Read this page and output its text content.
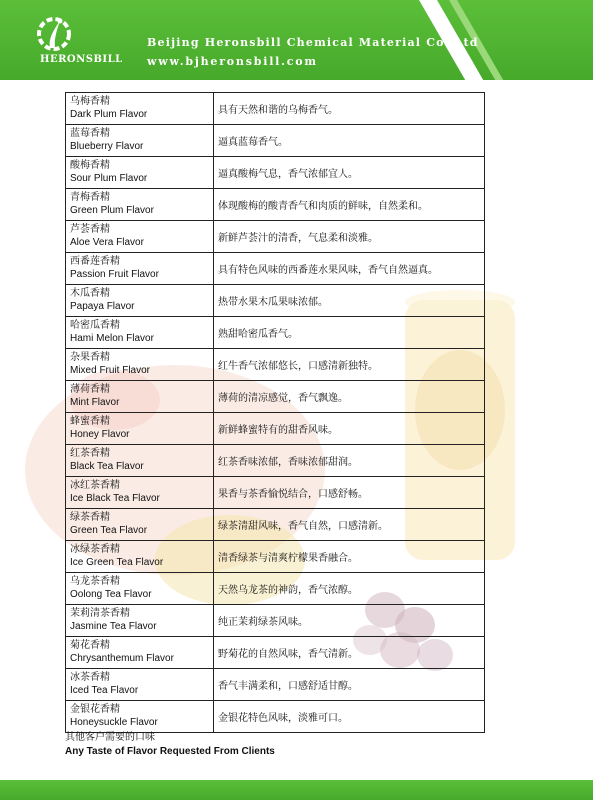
HERONSBILL
Beijing Heronsbill Chemical Material Co.,Ltd
www.bjheronsbill.com
乌梅香精
Dark Plum Flavor	具有天然和谐的乌梅香气。

蓝莓香精
Blueberry Flavor	逼真蓝莓香气。

酸梅香精
Sour Plum Flavor	逼真酸梅气息，香气浓郁宜人。

青梅香精
Green Plum Flavor	体现酸梅的酸青香气和肉质的鲜味，自然柔和。

芦荟香精
Aloe Vera Flavor	新鲜芦荟汁的清香，气息柔和淡雅。

西番莲香精
Passion Fruit Flavor	具有特色风味的西番莲水果风味，香气自然逼真。

木瓜香精
Papaya Flavor	热带水果木瓜果味浓郁。

哈密瓜香精
Hami Melon Flavor	熟甜哈密瓜香气。

杂果香精
Mixed Fruit Flavor	红牛香气浓郁悠长，口感清新独特。

薄荷香精
Mint Flavor	薄荷的清凉感觉，香气飘逸。

蜂蜜香精
Honey Flavor	新鲜蜂蜜特有的甜香风味。

红茶香精
Black Tea Flavor	红茶香味浓郁，香味浓郁甜润。

冰红茶香精
Ice Black Tea Flavor	果香与茶香愉悦结合，口感舒畅。

绿茶香精
Green Tea Flavor	绿茶清甜风味，香气自然，口感清新。

冰绿茶香精
Ice Green Tea Flavor	清香绿茶与清爽柠檬果香融合。

乌龙茶香精
Oolong Tea Flavor	天然乌龙茶的神韵，香气浓醇。

茉莉清茶香精
Jasmine Tea Flavor	纯正茉莉绿茶风味。

菊花香精
Chrysanthemum Flavor	野菊花的自然风味，香气清新。

冰茶香精
Iced Tea Flavor	香气丰满柔和，口感舒适甘醇。

金银花香精
Honeysuckle Flavor	金银花特色风味，淡雅可口。
其他客户需要的口味
Any Taste of Flavor Requested From Clients
